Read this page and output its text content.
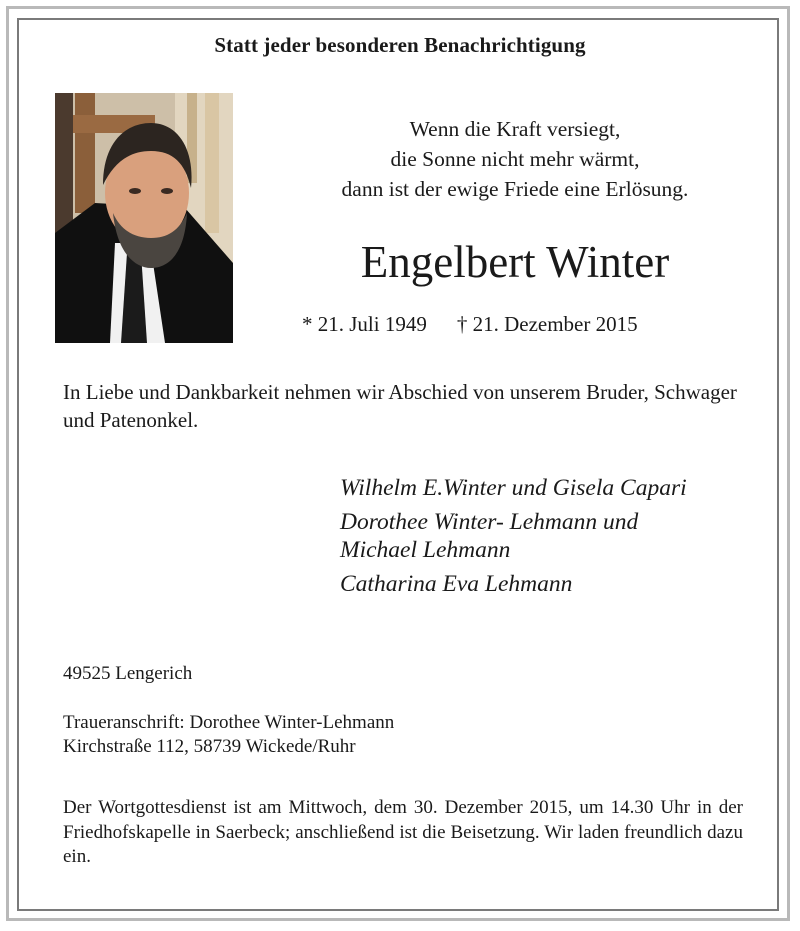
Statt jeder besonderen Benachrichtigung
Wenn die Kraft versiegt,
die Sonne nicht mehr wärmt,
dann ist der ewige Friede eine Erlösung.
Engelbert Winter
* 21. Juli 1949 † 21. Dezember 2015
In Liebe und Dankbarkeit nehmen wir Abschied von unserem Bruder, Schwager und Patenonkel.
Wilhelm E.Winter und Gisela Capari
Dorothee Winter- Lehmann und
Michael Lehmann
Catharina Eva Lehmann
49525 Lengerich
Traueranschrift: Dorothee Winter-Lehmann
Kirchstraße 112, 58739 Wickede/Ruhr
Der Wortgottesdienst ist am Mittwoch, dem 30. Dezember 2015, um 14.30 Uhr in der Friedhofskapelle in Saerbeck; anschließend ist die Beisetzung. Wir laden freundlich dazu ein.
